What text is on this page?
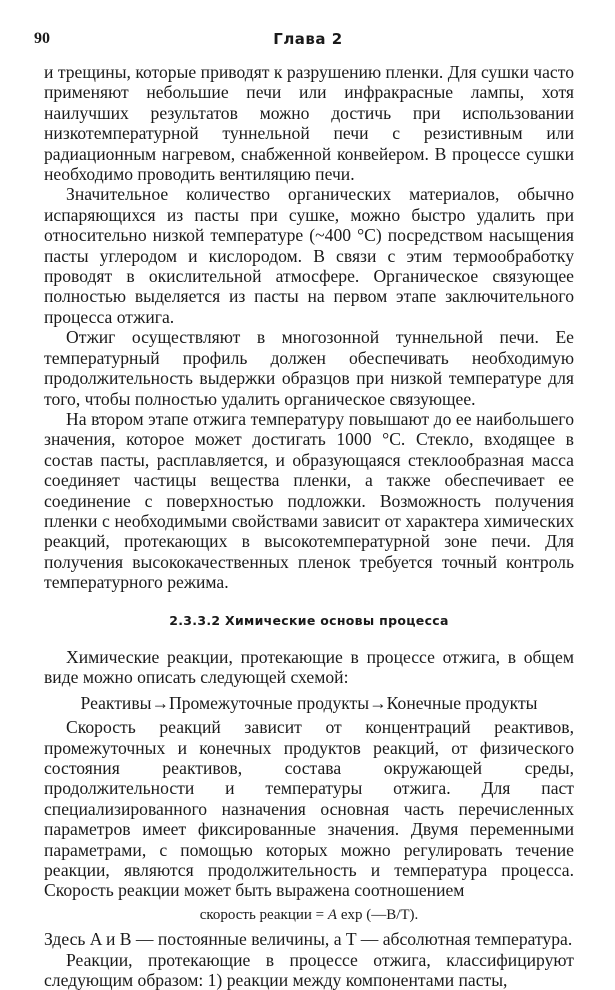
90	Глава 2

и трещины, которые приводят к разрушению пленки. Для сушки часто применяют небольшие печи или инфракрасные лампы, хотя наилучших результатов можно достичь при использовании низкотемпературной туннельной печи с резистивным или радиационным нагревом, снабженной конвейером. В процессе сушки необходимо проводить вентиляцию печи.

Значительное количество органических материалов, обычно испаряющихся из пасты при сушке, можно быстро удалить при относительно низкой температуре (~400 °С) посредством насыщения пасты углеродом и кислородом. В связи с этим термообработку проводят в окислительной атмосфере. Органическое связующее полностью выделяется из пасты на первом этапе заключительного процесса отжига.

Отжиг осуществляют в многозонной туннельной печи. Ее температурный профиль должен обеспечивать необходимую продолжительность выдержки образцов при низкой температуре для того, чтобы полностью удалить органическое связующее.

На втором этапе отжига температуру повышают до ее наибольшего значения, которое может достигать 1000 °С. Стекло, входящее в состав пасты, расплавляется, и образующаяся стеклообразная масса соединяет частицы вещества пленки, а также обеспечивает ее соединение с поверхностью подложки. Возможность получения пленки с необходимыми свойствами зависит от характера химических реакций, протекающих в высокотемпературной зоне печи. Для получения высококачественных пленок требуется точный контроль температурного режима.

2.3.3.2 Химические основы процесса

Химические реакции, протекающие в процессе отжига, в общем виде можно описать следующей схемой:

Реактивы→Промежуточные продукты→Конечные продукты

Скорость реакций зависит от концентраций реактивов, промежуточных и конечных продуктов реакций, от физического состояния реактивов, состава окружающей среды, продолжительности и температуры отжига. Для паст специализированного назначения основная часть перечисленных параметров имеет фиксированные значения. Двумя переменными параметрами, с помощью которых можно регулировать течение реакции, являются продолжительность и температура процесса. Скорость реакции может быть выражена соотношением

скорость реакции = A exp (—B/T).

Здесь A и B — постоянные величины, а T — абсолютная температура.

Реакции, протекающие в процессе отжига, классифицируют следующим образом: 1) реакции между компонентами пасты,
